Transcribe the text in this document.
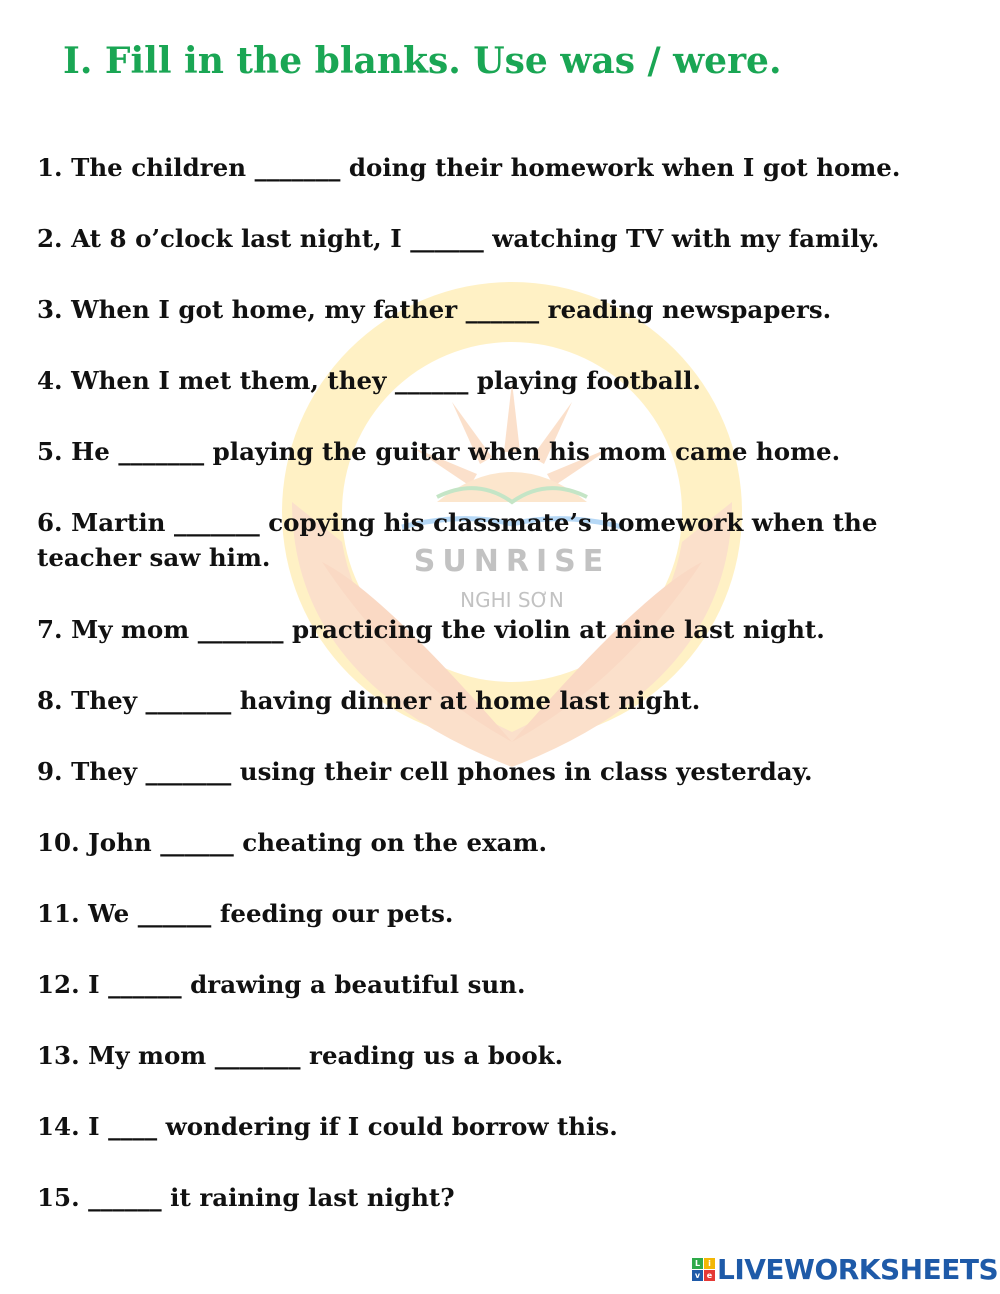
SUNRISE
NGHI SƠN
I. Fill in the blanks. Use was / were.

1. The children _______ doing their homework when I got home.

2. At 8 o’clock last night, I ______ watching TV with my family.

3. When I got home, my father ______ reading newspapers.

4. When I met them, they ______ playing football.

5. He _______ playing the guitar when his mom came home.

6. Martin _______ copying his classmate’s homework when the teacher saw him.

7. My mom _______ practicing the violin at nine last night.

8. They _______ having dinner at home last night.

9. They _______ using their cell phones in class yesterday.

10. John ______ cheating on the exam.

11. We ______ feeding our pets.

12. I ______ drawing a beautiful sun.

13. My mom _______ reading us a book.

14. I ____ wondering if I could borrow this.

15. ______ it raining last night?

L	i
v e LIVEWORKSHEETS
